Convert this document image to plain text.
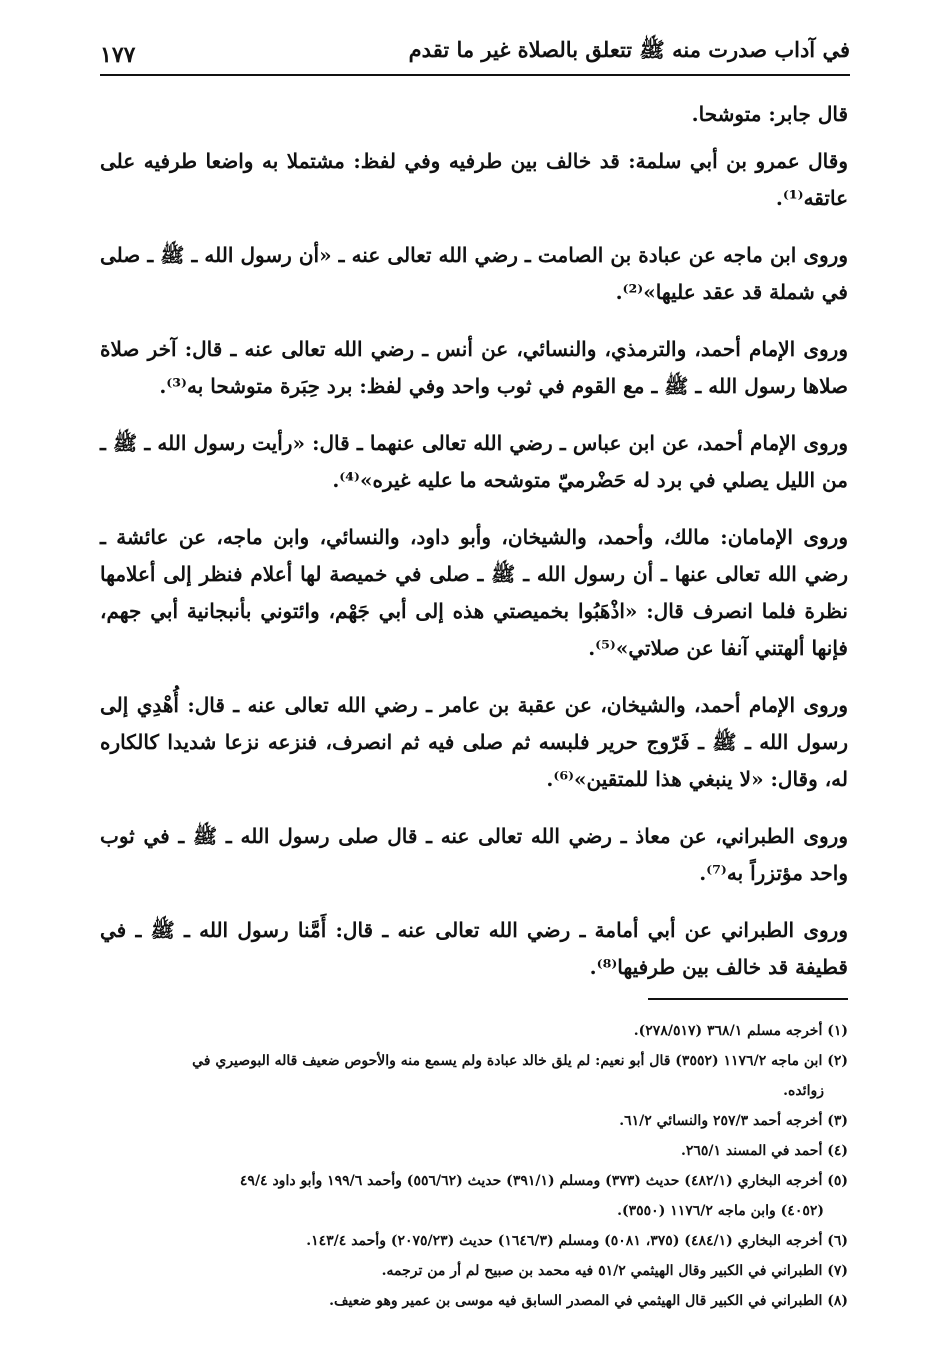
في آداب صدرت منه ﷺ تتعلق بالصلاة غير ما تقدم
١٧٧

قال جابر: متوشحا.

وقال عمرو بن أبي سلمة: قد خالف بين طرفيه وفي لفظ: مشتملا به واضعا طرفيه على عاتقه⁽¹⁾.

وروى ابن ماجه عن عبادة بن الصامت ـ رضي الله تعالى عنه ـ «أن رسول الله ـ ﷺ ـ صلى في شملة قد عقد عليها»⁽²⁾.

وروى الإمام أحمد، والترمذي، والنسائي، عن أنس ـ رضي الله تعالى عنه ـ قال: آخر صلاة صلاها رسول الله ـ ﷺ ـ مع القوم في ثوب واحد وفي لفظ: برد حِبَرة متوشحا به⁽³⁾.

وروى الإمام أحمد، عن ابن عباس ـ رضي الله تعالى عنهما ـ قال: «رأيت رسول الله ـ ﷺ ـ من الليل يصلي في برد له حَضْرميّ متوشحه ما عليه غيره»⁽⁴⁾.

وروى الإمامان: مالك، وأحمد، والشيخان، وأبو داود، والنسائي، وابن ماجه، عن عائشة ـ رضي الله تعالى عنها ـ أن رسول الله ـ ﷺ ـ صلى في خميصة لها أعلام فنظر إلى أعلامها نظرة فلما انصرف قال: «اذْهَبُوا بخميصتي هذه إلى أبي جَهْم، وائتوني بأنبجانية أبي جهم، فإنها ألهتني آنفا عن صلاتي»⁽⁵⁾.

وروى الإمام أحمد، والشيخان، عن عقبة بن عامر ـ رضي الله تعالى عنه ـ قال: أُهْدِي إلى رسول الله ـ ﷺ ـ فَرّوج حرير فلبسه ثم صلى فيه ثم انصرف، فنزعه نزعا شديدا كالكاره له، وقال: «لا ينبغي هذا للمتقين»⁽⁶⁾.

وروى الطبراني، عن معاذ ـ رضي الله تعالى عنه ـ قال صلى رسول الله ـ ﷺ ـ في ثوب واحد مؤتزراً به⁽⁷⁾.

وروى الطبراني عن أبي أمامة ـ رضي الله تعالى عنه ـ قال: أَمَّنا رسول الله ـ ﷺ ـ في قطيفة قد خالف بين طرفيها⁽⁸⁾.

(١) أخرجه مسلم ٣٦٨/١ (٢٧٨/٥١٧).

(٢) ابن ماجه ١١٧٦/٢ (٣٥٥٢) قال أبو نعيم: لم يلق خالد عبادة ولم يسمع منه والأحوص ضعيف قاله البوصيري في

زوائده.

(٣) أخرجه أحمد ٢٥٧/٣ والنسائي ٦١/٢.

(٤) أحمد في المسند ٢٦٥/١.

(٥) أخرجه البخاري (٤٨٢/١) حديث (٣٧٣) ومسلم (٣٩١/١) حديث (٥٥٦/٦٢) وأحمد ١٩٩/٦ وأبو داود ٤٩/٤

(٤٠٥٢) وابن ماجه ١١٧٦/٢ (٣٥٥٠).

(٦) أخرجه البخاري (٤٨٤/١) (٣٧٥، ٥٠٨١) ومسلم (١٦٤٦/٣) حديث (٢٠٧٥/٢٣) وأحمد ١٤٣/٤.

(٧) الطبراني في الكبير وقال الهيثمي ٥١/٢ فيه محمد بن صبيح لم أر من ترجمه.

(٨) الطبراني في الكبير قال الهيثمي في المصدر السابق فيه موسى بن عمير وهو ضعيف.
